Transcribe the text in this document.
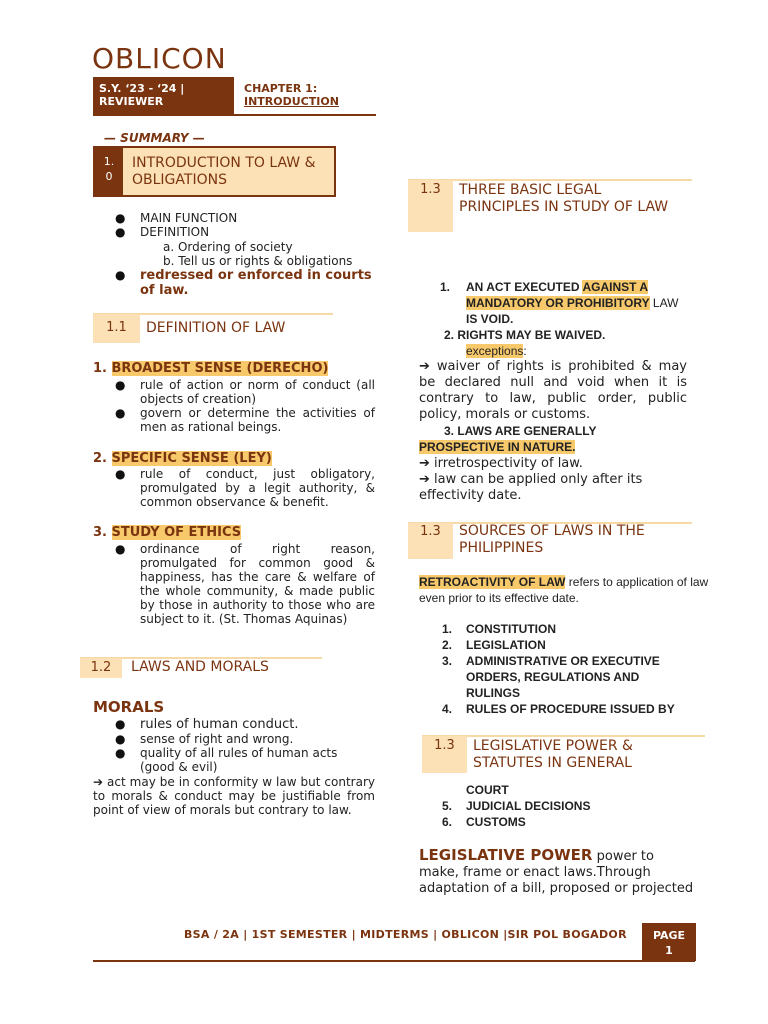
OBLICON
S.Y. ‘23 - ‘24 |
REVIEWER
CHAPTER 1:
INTRODUCTION
— SUMMARY —
1.
0
INTRODUCTION TO LAW & OBLIGATIONS
● MAIN FUNCTION
● DEFINITION
a. Ordering of society
b. Tell us or rights & obligations
● redressed or enforced in courts of law.
1.1	DEFINITION OF LAW
1. BROADEST SENSE (DERECHO)
● rule of action or norm of conduct (all objects of creation)
● govern or determine the activities of men as rational beings.
2. SPECIFIC SENSE (LEY)
● rule of conduct, just obligatory, promulgated by a legit authority, & common observance & benefit.
3. STUDY OF ETHICS
● ordinance of right reason, promulgated for common good & happiness, has the care & welfare of the whole community, & made public by those in authority to those who are subject to it. (St. Thomas Aquinas)
1.2	LAWS AND MORALS
MORALS
● rules of human conduct.
● sense of right and wrong.
● quality of all rules of human acts (good & evil)
➔ act may be in conformity w law but contrary to morals & conduct may be justifiable from point of view of morals but contrary to law.
1.3	THREE BASIC LEGAL PRINCIPLES IN STUDY OF LAW
1. AN ACT EXECUTED AGAINST A MANDATORY OR PROHIBITORY LAW
IS VOID.
2. RIGHTS MAY BE WAIVED.
exceptions:
➔ waiver of rights is prohibited & may be declared null and void when it is contrary to law, public order, public policy, morals or customs.
3. LAWS ARE GENERALLY
PROSPECTIVE IN NATURE.
➔ irretrospectivity of law.
➔ law can be applied only after its effectivity date.
1.3	SOURCES OF LAWS IN THE PHILIPPINES
RETROACTIVITY OF LAW refers to application of law even prior to its effective date.
1. CONSTITUTION
2. LEGISLATION
3. ADMINISTRATIVE OR EXECUTIVE ORDERS, REGULATIONS AND RULINGS
4. RULES OF PROCEDURE ISSUED BY
1.3	LEGISLATIVE POWER & STATUTES IN GENERAL
COURT
5. JUDICIAL DECISIONS
6. CUSTOMS
LEGISLATIVE POWER power to make, frame or enact laws.Through adaptation of a bill, proposed or projected
BSA / 2A | 1ST SEMESTER | MIDTERMS | OBLICON |SIR POL BOGADOR	PAGE
1
